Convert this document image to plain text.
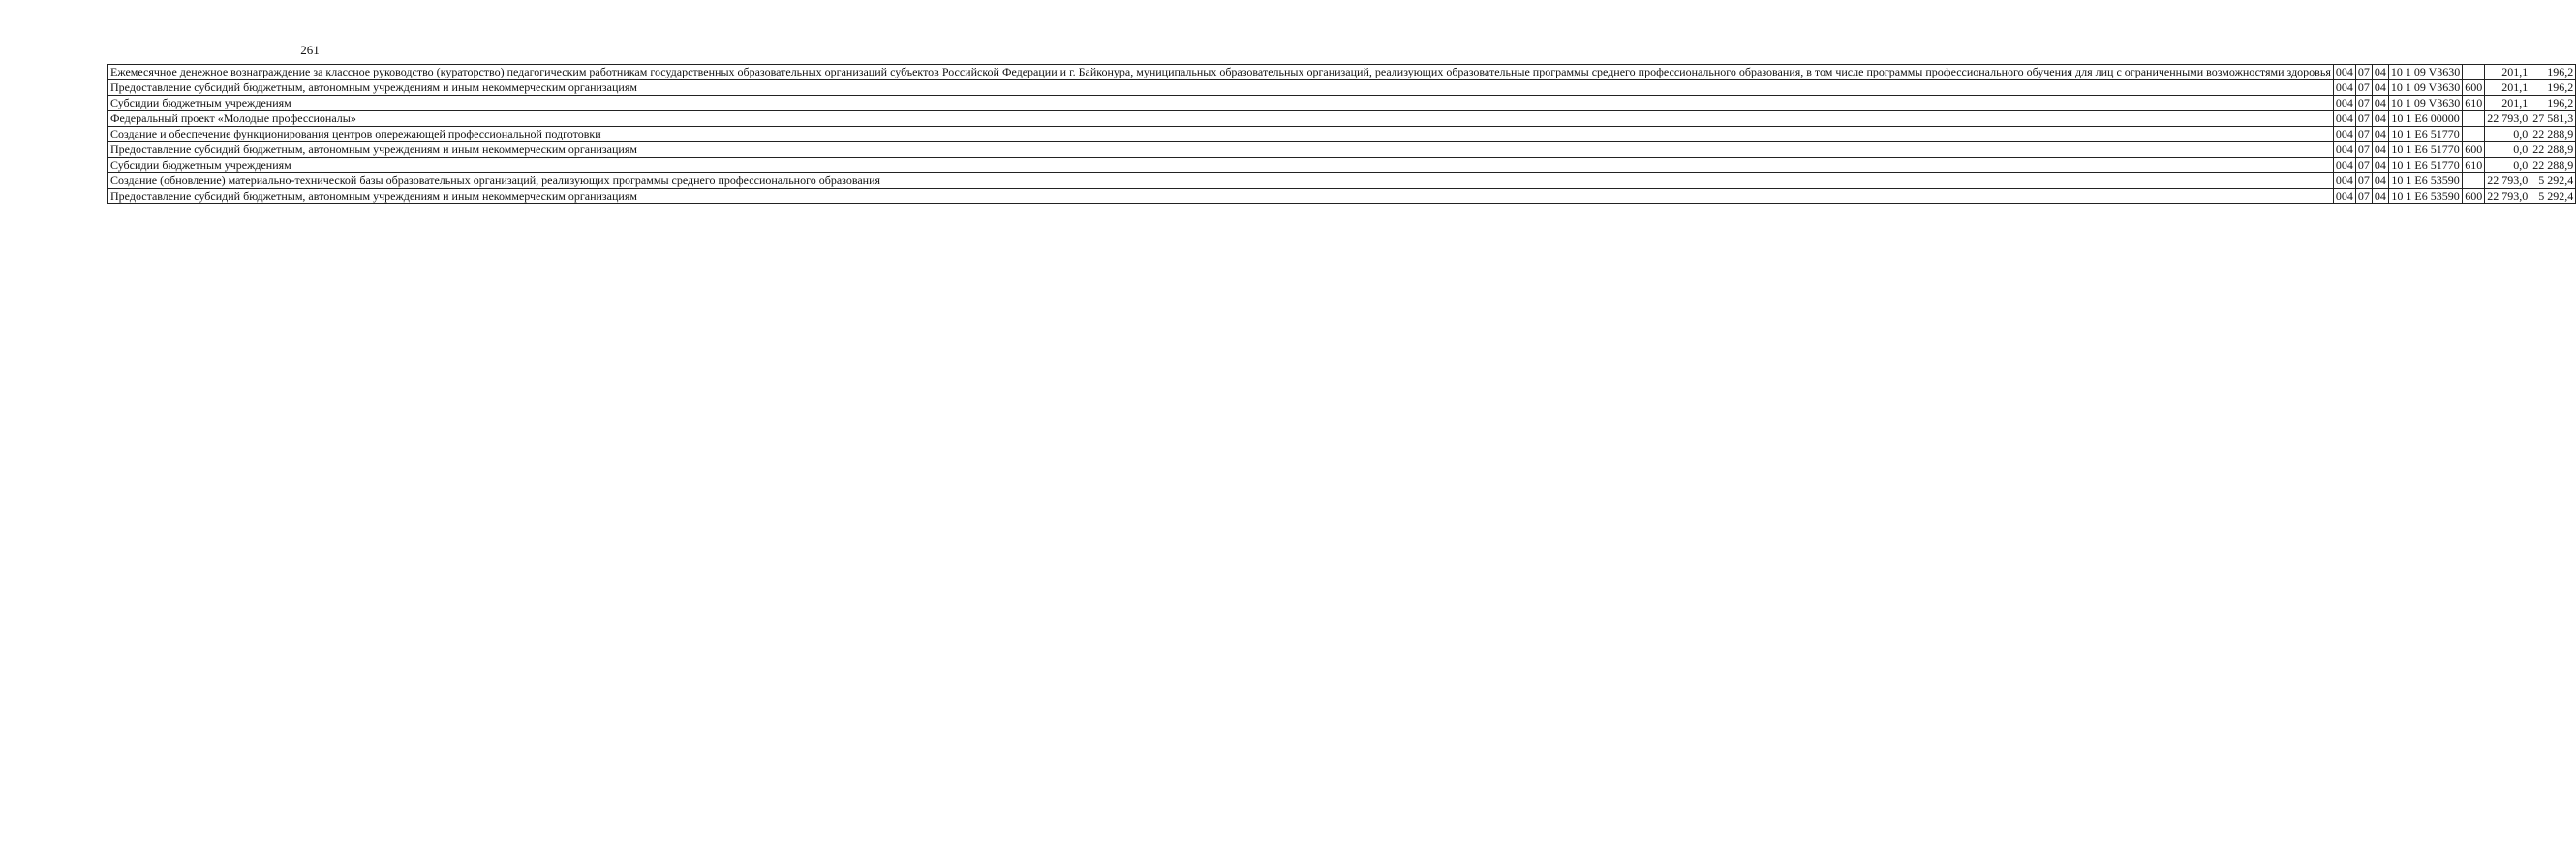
261
Ежемесячное денежное вознаграждение за классное руководство (кураторство) педагогическим работникам государственных образовательных организаций субъектов Российской Федерации и г. Байконура, муниципальных образовательных организаций, реализующих образовательные программы среднего профессионального образования, в том числе программы профессионального обучения для лиц с ограниченными возможностями здоровья	004	07	04	10 1 09 V3630		201,1	196,2
Предоставление субсидий бюджетным, автономным учреждениям и иным некоммерческим организациям	004	07	04	10 1 09 V3630	600	201,1	196,2
Субсидии бюджетным учреждениям	004	07	04	10 1 09 V3630	610	201,1	196,2
Федеральный проект «Молодые профессионалы»	004	07	04	10 1 E6 00000		22 793,0	27 581,3
Создание и обеспечение функционирования центров опережающей профессиональной подготовки	004	07	04	10 1 E6 51770		0,0	22 288,9
Предоставление субсидий бюджетным, автономным учреждениям и иным некоммерческим организациям	004	07	04	10 1 E6 51770	600	0,0	22 288,9
Субсидии бюджетным учреждениям	004	07	04	10 1 E6 51770	610	0,0	22 288,9
Создание (обновление) материально-технической базы образовательных организаций, реализующих программы среднего профессионального образования	004	07	04	10 1 E6 53590		22 793,0	5 292,4
Предоставление субсидий бюджетным, автономным учреждениям и иным некоммерческим организациям	004	07	04	10 1 E6 53590	600	22 793,0	5 292,4
